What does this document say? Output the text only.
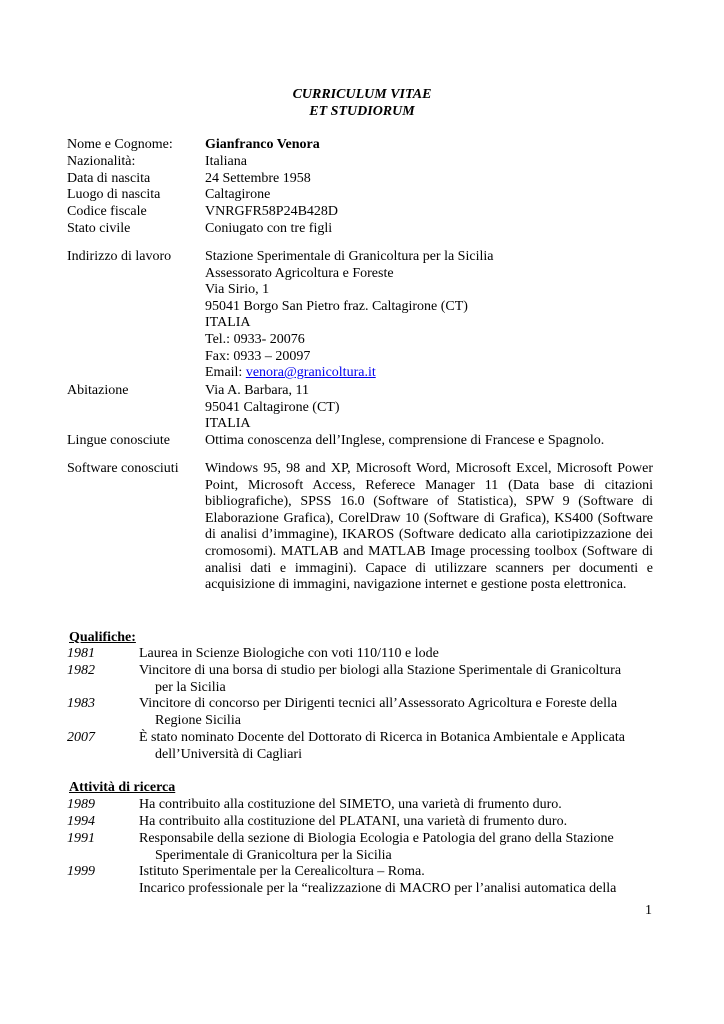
CURRICULUM VITAE
ET STUDIORUM
Nome e Cognome:	Gianfranco Venora
Nazionalità:	Italiana
Data di nascita	24 Settembre 1958
Luogo di nascita	Caltagirone
Codice fiscale	VNRGFR58P24B428D
Stato civile	Coniugato con tre figli
Indirizzo di lavoro	Stazione Sperimentale di Granicoltura per la Sicilia
Assessorato Agricoltura e Foreste
Via Sirio, 1
95041 Borgo San Pietro fraz. Caltagirone (CT)
ITALIA
Tel.: 0933- 20076
Fax: 0933 – 20097
Email: venora@granicoltura.it
Abitazione	Via A. Barbara, 11
95041 Caltagirone (CT)
ITALIA
Lingue conosciute	Ottima conoscenza dell’Inglese, comprensione di Francese e Spagnolo.
Software conosciuti	Windows 95, 98 and XP, Microsoft Word, Microsoft Excel, Microsoft Power Point, Microsoft Access, Referece Manager 11 (Data base di citazioni bibliografiche), SPSS 16.0 (Software of Statistica), SPW 9 (Software di Elaborazione Grafica), CorelDraw 10 (Software di Grafica), KS400 (Software di analisi d’immagine), IKAROS (Software dedicato alla cariotipizzazione dei cromosomi). MATLAB and MATLAB Image processing toolbox (Software di analisi dati e immagini). Capace di utilizzare scanners per documenti e acquisizione di immagini, navigazione internet e gestione posta elettronica.
Qualifiche:
1981	Laurea in Scienze Biologiche con voti 110/110 e lode
1982	Vincitore di una borsa di studio per biologi alla Stazione Sperimentale di Granicoltura
per la Sicilia
1983	Vincitore di concorso per Dirigenti tecnici all’Assessorato Agricoltura e Foreste della
Regione Sicilia
2007	È stato nominato Docente del Dottorato di Ricerca in Botanica Ambientale e Applicata
dell’Università di Cagliari
Attività di ricerca
1989	Ha contribuito alla costituzione del SIMETO, una varietà di frumento duro.
1994	Ha contribuito alla costituzione del PLATANI, una varietà di frumento duro.
1991	Responsabile della sezione di Biologia Ecologia e Patologia del grano della Stazione
Sperimentale di Granicoltura per la Sicilia
1999	Istituto Sperimentale per la Cerealicoltura – Roma.
Incarico professionale per la “realizzazione di MACRO per l’analisi automatica della
1
